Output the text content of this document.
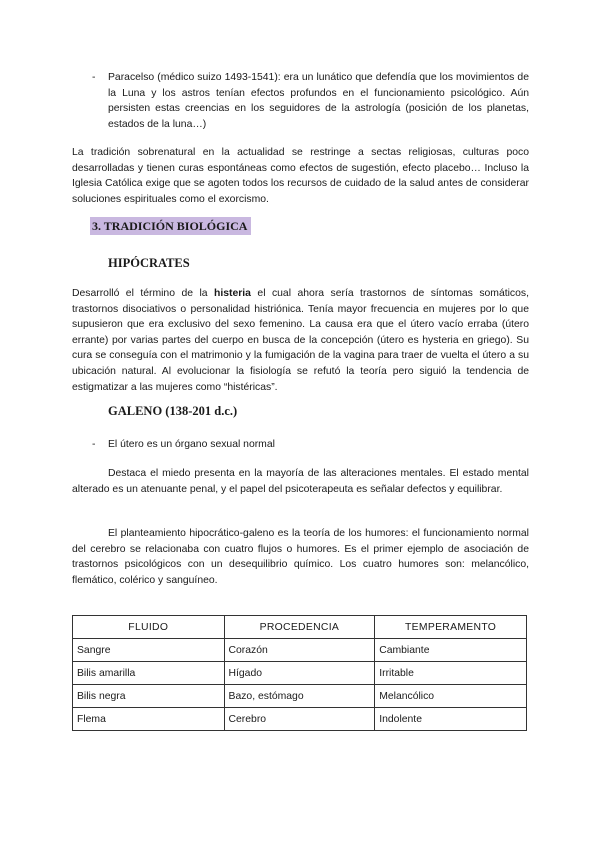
- Paracelso (médico suizo 1493-1541): era un lunático que defendía que los movimientos de la Luna y los astros tenían efectos profundos en el funcionamiento psicológico. Aún persisten estas creencias en los seguidores de la astrología (posición de los planetas, estados de la luna…)
La tradición sobrenatural en la actualidad se restringe a sectas religiosas, culturas poco desarrolladas y tienen curas espontáneas como efectos de sugestión, efecto placebo… Incluso la Iglesia Católica exige que se agoten todos los recursos de cuidado de la salud antes de considerar soluciones espirituales como el exorcismo.
3. TRADICIÓN BIOLÓGICA
HIPÓCRATES
Desarrolló el término de la histeria el cual ahora sería trastornos de síntomas somáticos, trastornos disociativos o personalidad histriónica. Tenía mayor frecuencia en mujeres por lo que supusieron que era exclusivo del sexo femenino. La causa era que el útero vacío erraba (útero errante) por varias partes del cuerpo en busca de la concepción (útero es hysteria en griego). Su cura se conseguía con el matrimonio y la fumigación de la vagina para traer de vuelta el útero a su ubicación natural. Al evolucionar la fisiología se refutó la teoría pero siguió la tendencia de estigmatizar a las mujeres como “histéricas”.
GALENO (138-201 d.c.)
- El útero es un órgano sexual normal
Destaca el miedo presenta en la mayoría de las alteraciones mentales. El estado mental alterado es un atenuante penal, y el papel del psicoterapeuta es señalar defectos y equilibrar.
El planteamiento hipocrático-galeno es la teoría de los humores: el funcionamiento normal del cerebro se relacionaba con cuatro flujos o humores. Es el primer ejemplo de asociación de trastornos psicológicos con un desequilibrio químico. Los cuatro humores son: melancólico, flemático, colérico y sanguíneo.
FLUIDO	PROCEDENCIA	TEMPERAMENTO
Sangre	Corazón	Cambiante
Bilis amarilla	Hígado	Irritable
Bilis negra	Bazo, estómago	Melancólico
Flema	Cerebro	Indolente
